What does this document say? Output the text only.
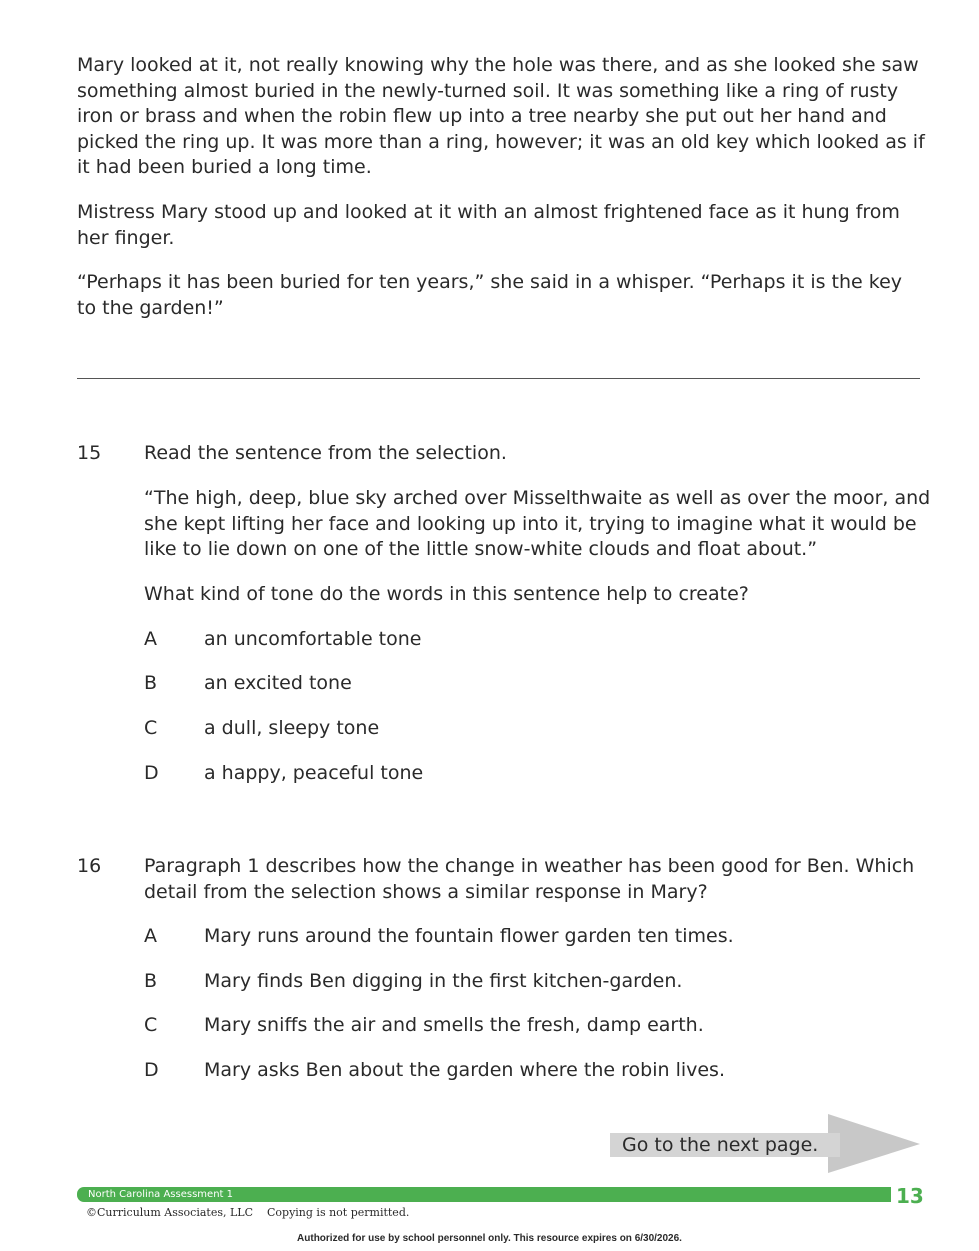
Mary looked at it, not really knowing why the hole was there, and as she looked she saw something almost buried in the newly-turned soil. It was something like a ring of rusty iron or brass and when the robin flew up into a tree nearby she put out her hand and picked the ring up. It was more than a ring, however; it was an old key which looked as if it had been buried a long time.

Mistress Mary stood up and looked at it with an almost frightened face as it hung from her finger.

“Perhaps it has been buried for ten years,” she said in a whisper. “Perhaps it is the key to the garden!”

15 Read the sentence from the selection.

“The high, deep, blue sky arched over Misselthwaite as well as over the moor, and she kept lifting her face and looking up into it, trying to imagine what it would be like to lie down on one of the little snow-white clouds and float about.”

What kind of tone do the words in this sentence help to create?

A	an uncomfortable tone
B	an excited tone
C	a dull, sleepy tone
D	a happy, peaceful tone
16 Paragraph 1 describes how the change in weather has been good for Ben. Which detail from the selection shows a similar response in Mary?

A	Mary runs around the fountain flower garden ten times.
B	Mary finds Ben digging in the first kitchen-garden.
C	Mary sniffs the air and smells the fresh, damp earth.
D	Mary asks Ben about the garden where the robin lives.
Go to the next page.
North Carolina Assessment 1	13
©Curriculum Associates, LLC    Copying is not permitted.
Authorized for use by school personnel only. This resource expires on 6/30/2026.
